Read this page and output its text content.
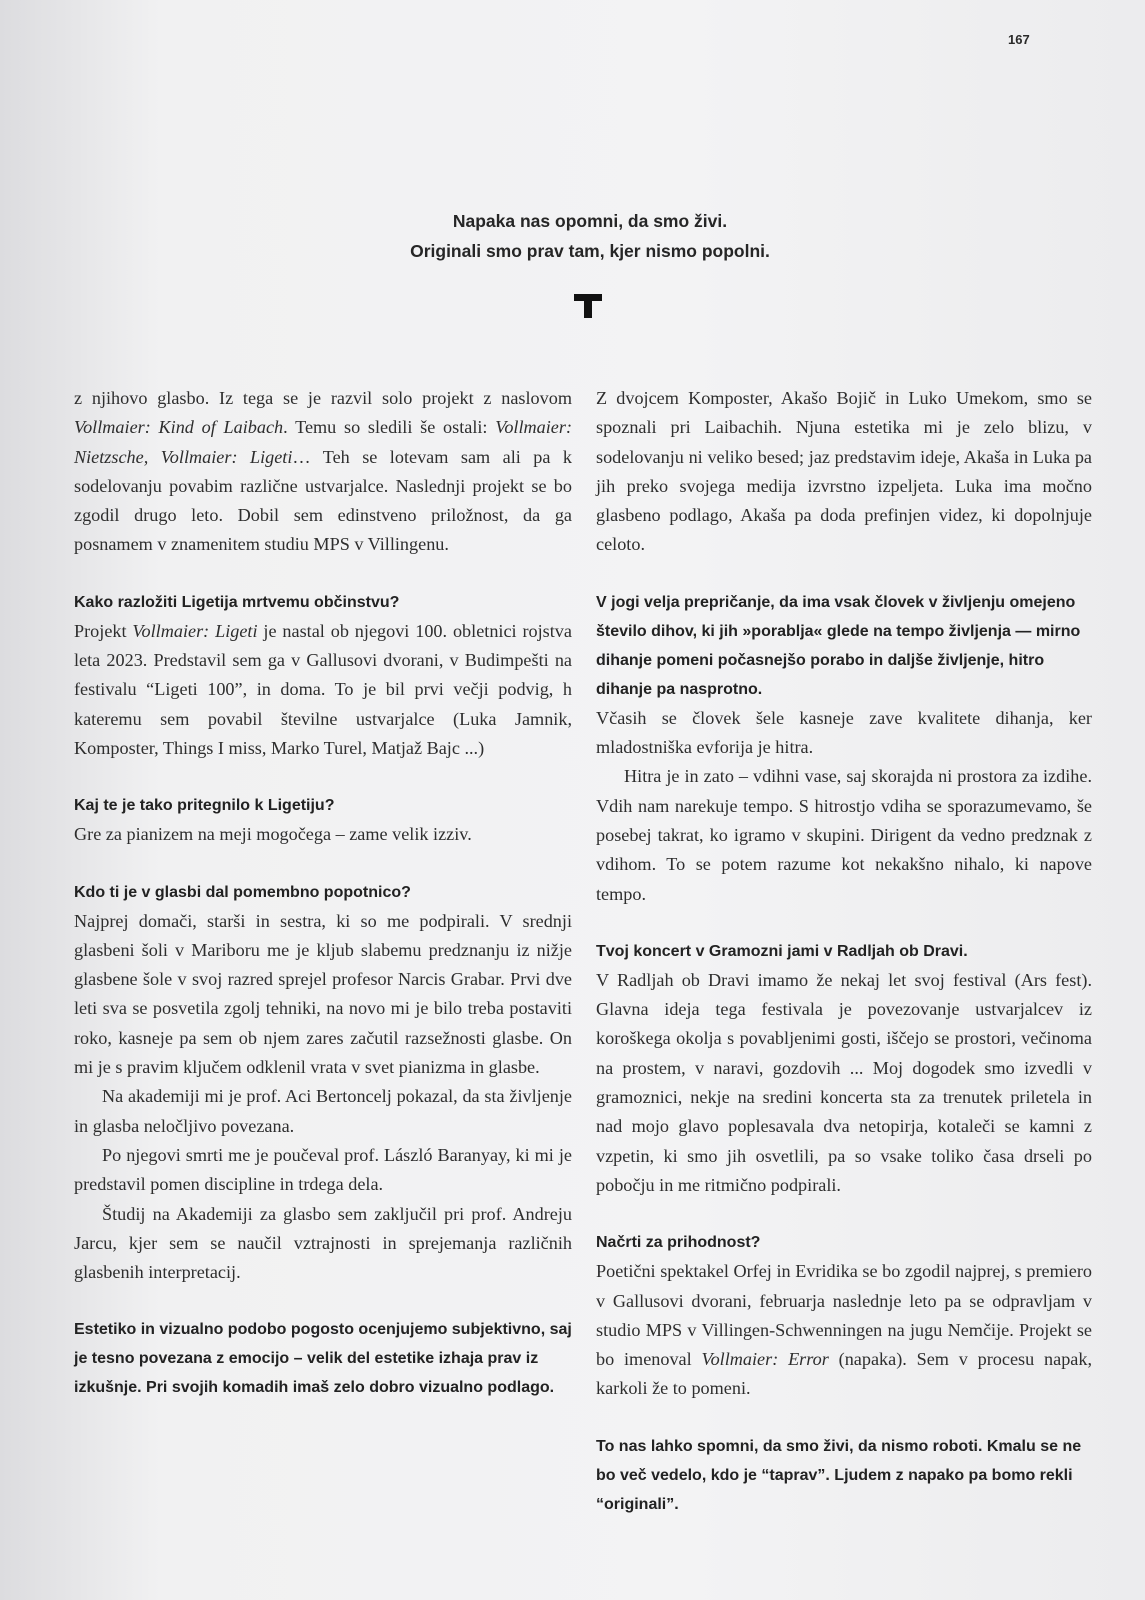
167
Napaka nas opomni, da smo živi.
Originali smo prav tam, kjer nismo popolni.

z njihovo glasbo. Iz tega se je razvil solo projekt z naslovom Vollmaier: Kind of Laibach. Temu so sledili še ostali: Vollmaier: Nietzsche, Vollmaier: Ligeti… Teh se lotevam sam ali pa k sodelovanju povabim različne ustvarjalce. Naslednji projekt se bo zgodil drugo leto. Dobil sem edinstveno priložnost, da ga posnamem v znamenitem studiu MPS v Villingenu.

Kako razložiti Ligetija mrtvemu občinstvu?

Projekt Vollmaier: Ligeti je nastal ob njegovi 100. obletnici rojstva leta 2023. Predstavil sem ga v Gallusovi dvorani, v Budimpešti na festivalu “Ligeti 100”, in doma. To je bil prvi večji podvig, h kateremu sem povabil številne ustvarjalce (Luka Jamnik, Komposter, Things I miss, Marko Turel, Matjaž Bajc ...)

Kaj te je tako pritegnilo k Ligetiju?

Gre za pianizem na meji mogočega – zame velik izziv.

Kdo ti je v glasbi dal pomembno popotnico?

Najprej domači, starši in sestra, ki so me podpirali. V srednji glasbeni šoli v Mariboru me je kljub slabemu predznanju iz nižje glasbene šole v svoj razred sprejel profesor Narcis Grabar. Prvi dve leti sva se posvetila zgolj tehniki, na novo mi je bilo treba postaviti roko, kasneje pa sem ob njem zares začutil razsežnosti glasbe. On mi je s pravim ključem odklenil vrata v svet pianizma in glasbe.

Na akademiji mi je prof. Aci Bertoncelj pokazal, da sta življenje in glasba neločljivo povezana.

Po njegovi smrti me je poučeval prof. László Baranyay, ki mi je predstavil pomen discipline in trdega dela.

Študij na Akademiji za glasbo sem zaključil pri prof. Andreju Jarcu, kjer sem se naučil vztrajnosti in sprejemanja različnih glasbenih interpretacij.

Estetiko in vizualno podobo pogosto ocenjujemo subjektivno, saj je tesno povezana z emocijo – velik del estetike izhaja prav iz izkušnje. Pri svojih komadih imaš zelo dobro vizualno podlago.

Z dvojcem Komposter, Akašo Bojič in Luko Umekom, smo se spoznali pri Laibachih. Njuna estetika mi je zelo blizu, v sodelovanju ni veliko besed; jaz predstavim ideje, Akaša in Luka pa jih preko svojega medija izvrstno izpeljeta. Luka ima močno glasbeno podlago, Akaša pa doda prefinjen videz, ki dopolnjuje celoto.

V jogi velja prepričanje, da ima vsak človek v življenju omejeno število dihov, ki jih »porablja« glede na tempo življenja — mirno dihanje pomeni počasnejšo porabo in daljše življenje, hitro dihanje pa nasprotno.

Včasih se človek šele kasneje zave kvalitete dihanja, ker mladostniška evforija je hitra.

Hitra je in zato – vdihni vase, saj skorajda ni prostora za izdihe. Vdih nam narekuje tempo. S hitrostjo vdiha se sporazumevamo, še posebej takrat, ko igramo v skupini. Dirigent da vedno predznak z vdihom. To se potem razume kot nekakšno nihalo, ki napove tempo.

Tvoj koncert v Gramozni jami v Radljah ob Dravi.

V Radljah ob Dravi imamo že nekaj let svoj festival (Ars fest). Glavna ideja tega festivala je povezovanje ustvarjalcev iz koroškega okolja s povabljenimi gosti, iščejo se prostori, večinoma na prostem, v naravi, gozdovih ... Moj dogodek smo izvedli v gramoznici, nekje na sredini koncerta sta za trenutek priletela in nad mojo glavo poplesavala dva netopirja, kotaleči se kamni z vzpetin, ki smo jih osvetlili, pa so vsake toliko časa drseli po pobočju in me ritmično podpirali.

Načrti za prihodnost?

Poetični spektakel Orfej in Evridika se bo zgodil najprej, s premiero v Gallusovi dvorani, februarja naslednje leto pa se odpravljam v studio MPS v Villingen-Schwenningen na jugu Nemčije. Projekt se bo imenoval Vollmaier: Error (napaka). Sem v procesu napak, karkoli že to pomeni.

To nas lahko spomni, da smo živi, da nismo roboti. Kmalu se ne bo več vedelo, kdo je “taprav”. Ljudem z napako pa bomo rekli “originali”.
